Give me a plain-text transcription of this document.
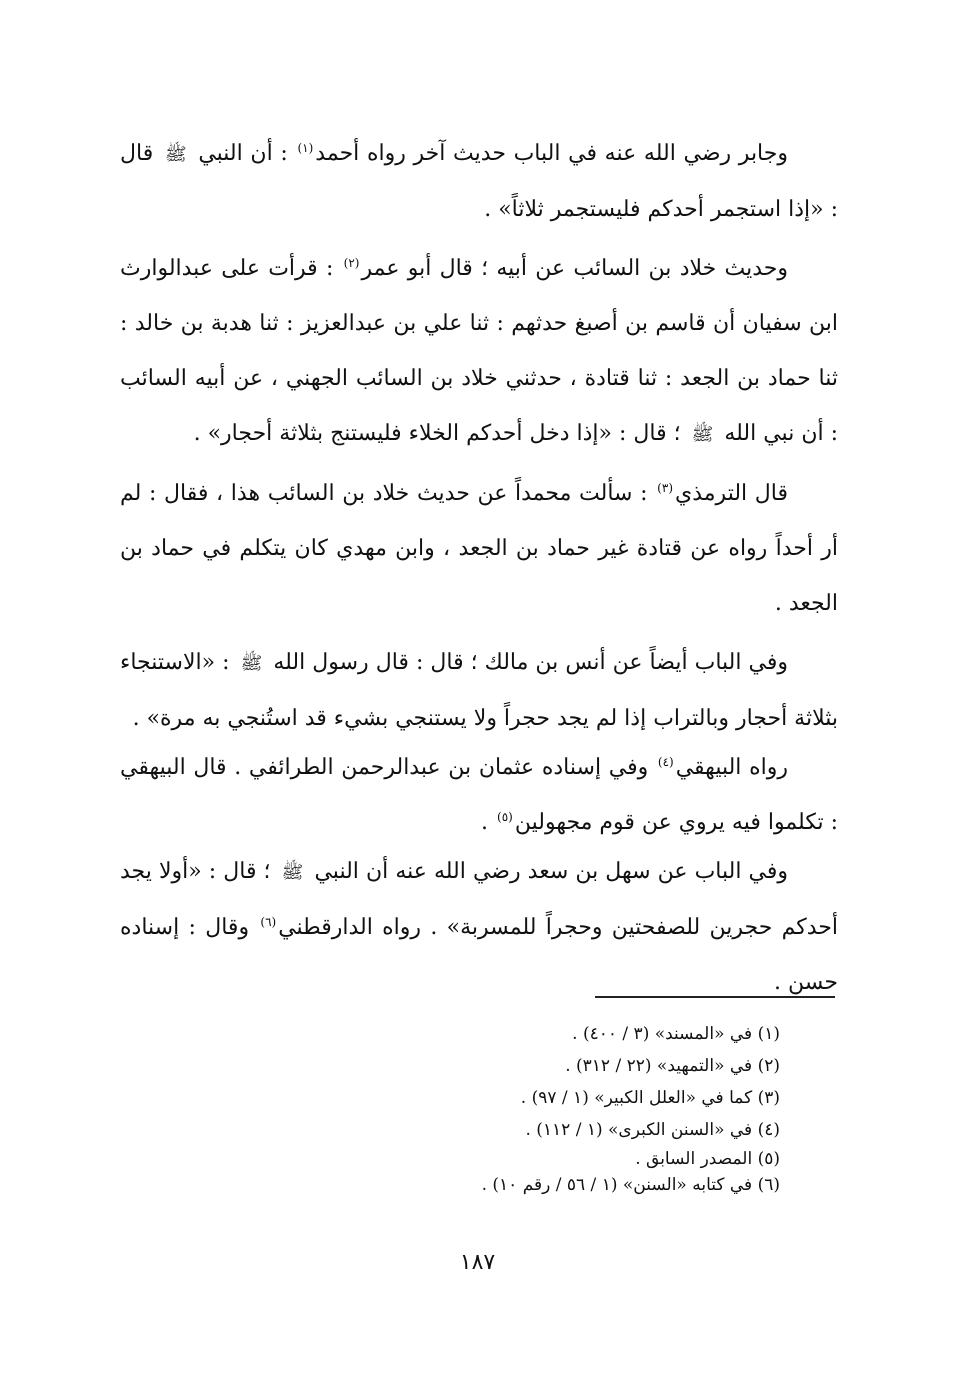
وجابر رضي الله عنه في الباب حديث آخر رواه أحمد$^{(١)}$ : أن النبي ﷺ قال : «إذا استجمر أحدكم فليستجمر ثلاثاً» .

وحديث خلاد بن السائب عن أبيه ؛ قال أبو عمر$^{(٢)}$ : قرأت على عبدالوارث ابن سفيان أن قاسم بن أصبغ حدثهم : ثنا علي بن عبدالعزيز : ثنا هدبة بن خالد : ثنا حماد بن الجعد : ثنا قتادة ، حدثني خلاد بن السائب الجهني ، عن أبيه السائب : أن نبي الله ﷺ ؛ قال : «إذا دخل أحدكم الخلاء فليستنج بثلاثة أحجار» .

قال الترمذي$^{(٣)}$ : سألت محمداً عن حديث خلاد بن السائب هذا ، فقال : لم أر أحداً رواه عن قتادة غير حماد بن الجعد ، وابن مهدي كان يتكلم في حماد بن الجعد .

وفي الباب أيضاً عن أنس بن مالك ؛ قال : قال رسول الله ﷺ : «الاستنجاء بثلاثة أحجار وبالتراب إذا لم يجد حجراً ولا يستنجي بشيء قد استُنجي به مرة» .

رواه البيهقي$^{(٤)}$ وفي إسناده عثمان بن عبدالرحمن الطرائفي . قال البيهقي : تكلموا فيه يروي عن قوم مجهولين$^{(٥)}$ .

وفي الباب عن سهل بن سعد رضي الله عنه أن النبي ﷺ ؛ قال : «أولا يجد أحدكم حجرين للصفحتين وحجراً للمسربة» . رواه الدارقطني$^{(٦)}$ وقال : إسناده حسن .

(١) في «المسند» (٣ / ٤٠٠) .
(٢) في «التمهيد» (٢٢ / ٣١٢) .
(٣) كما في «العلل الكبير» (١ / ٩٧) .
(٤) في «السنن الكبرى» (١ / ١١٢) .
(٥) المصدر السابق .
(٦) في كتابه «السنن» (١ / ٥٦ / رقم ١٠) .
١٨٧
